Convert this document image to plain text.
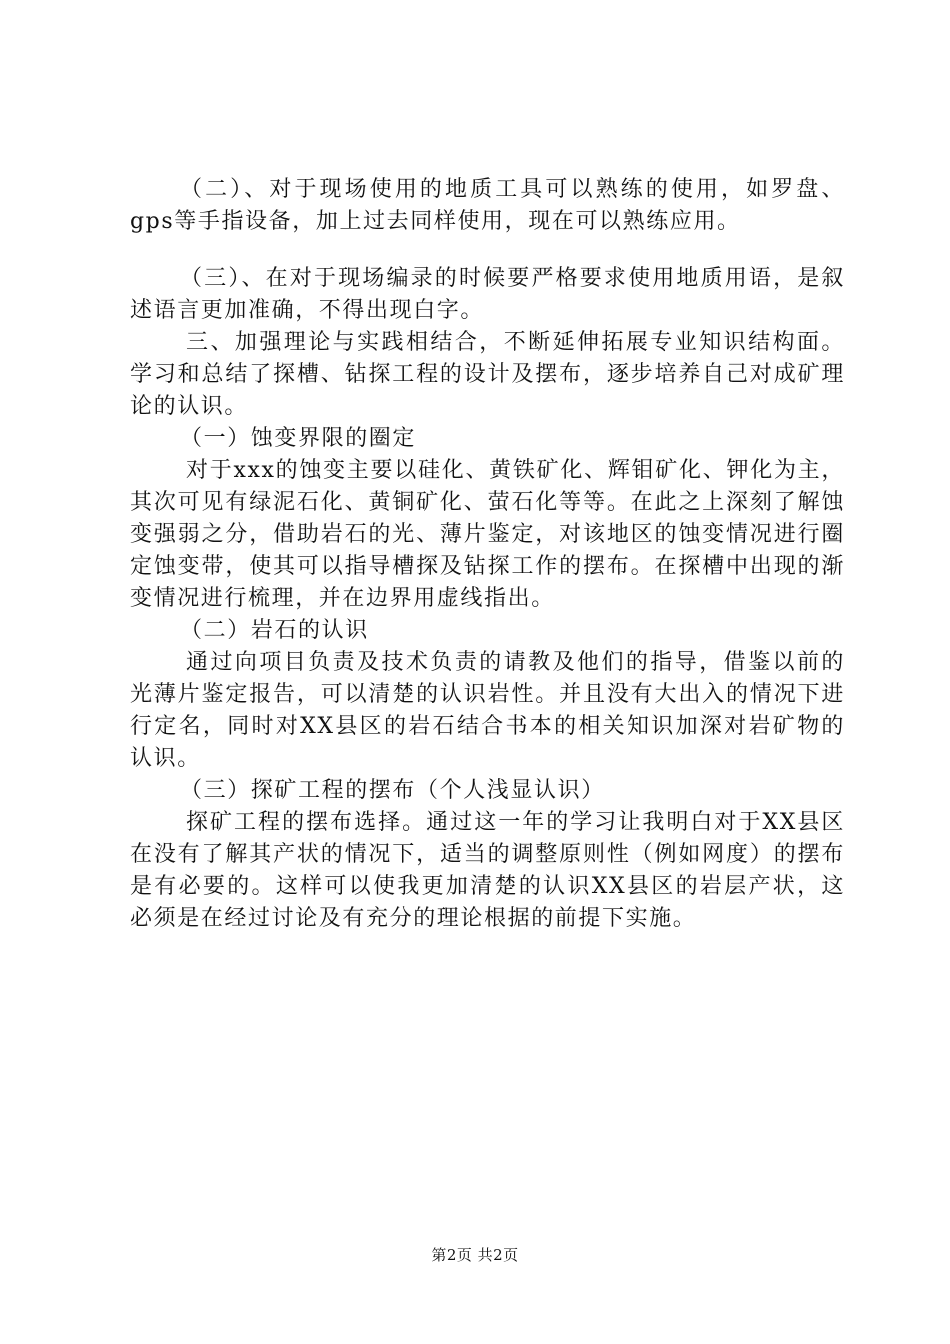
（二）、对于现场使用的地质工具可以熟练的使用，如罗盘、gps等手指设备，加上过去同样使用，现在可以熟练应用。

（三）、在对于现场编录的时候要严格要求使用地质用语，是叙述语言更加准确，不得出现白字。

三、加强理论与实践相结合，不断延伸拓展专业知识结构面。学习和总结了探槽、钻探工程的设计及摆布，逐步培养自己对成矿理论的认识。

（一）蚀变界限的圈定

对于xxx的蚀变主要以硅化、黄铁矿化、辉钼矿化、钾化为主，其次可见有绿泥石化、黄铜矿化、萤石化等等。在此之上深刻了解蚀变强弱之分，借助岩石的光、薄片鉴定，对该地区的蚀变情况进行圈定蚀变带，使其可以指导槽探及钻探工作的摆布。在探槽中出现的渐变情况进行梳理，并在边界用虚线指出。

（二）岩石的认识

通过向项目负责及技术负责的请教及他们的指导，借鉴以前的光薄片鉴定报告，可以清楚的认识岩性。并且没有大出入的情况下进行定名，同时对XX县区的岩石结合书本的相关知识加深对岩矿物的认识。

（三）探矿工程的摆布（个人浅显认识）

探矿工程的摆布选择。通过这一年的学习让我明白对于XX县区在没有了解其产状的情况下，适当的调整原则性（例如网度）的摆布是有必要的。这样可以使我更加清楚的认识XX县区的岩层产状，这必须是在经过讨论及有充分的理论根据的前提下实施。

第2页 共2页
